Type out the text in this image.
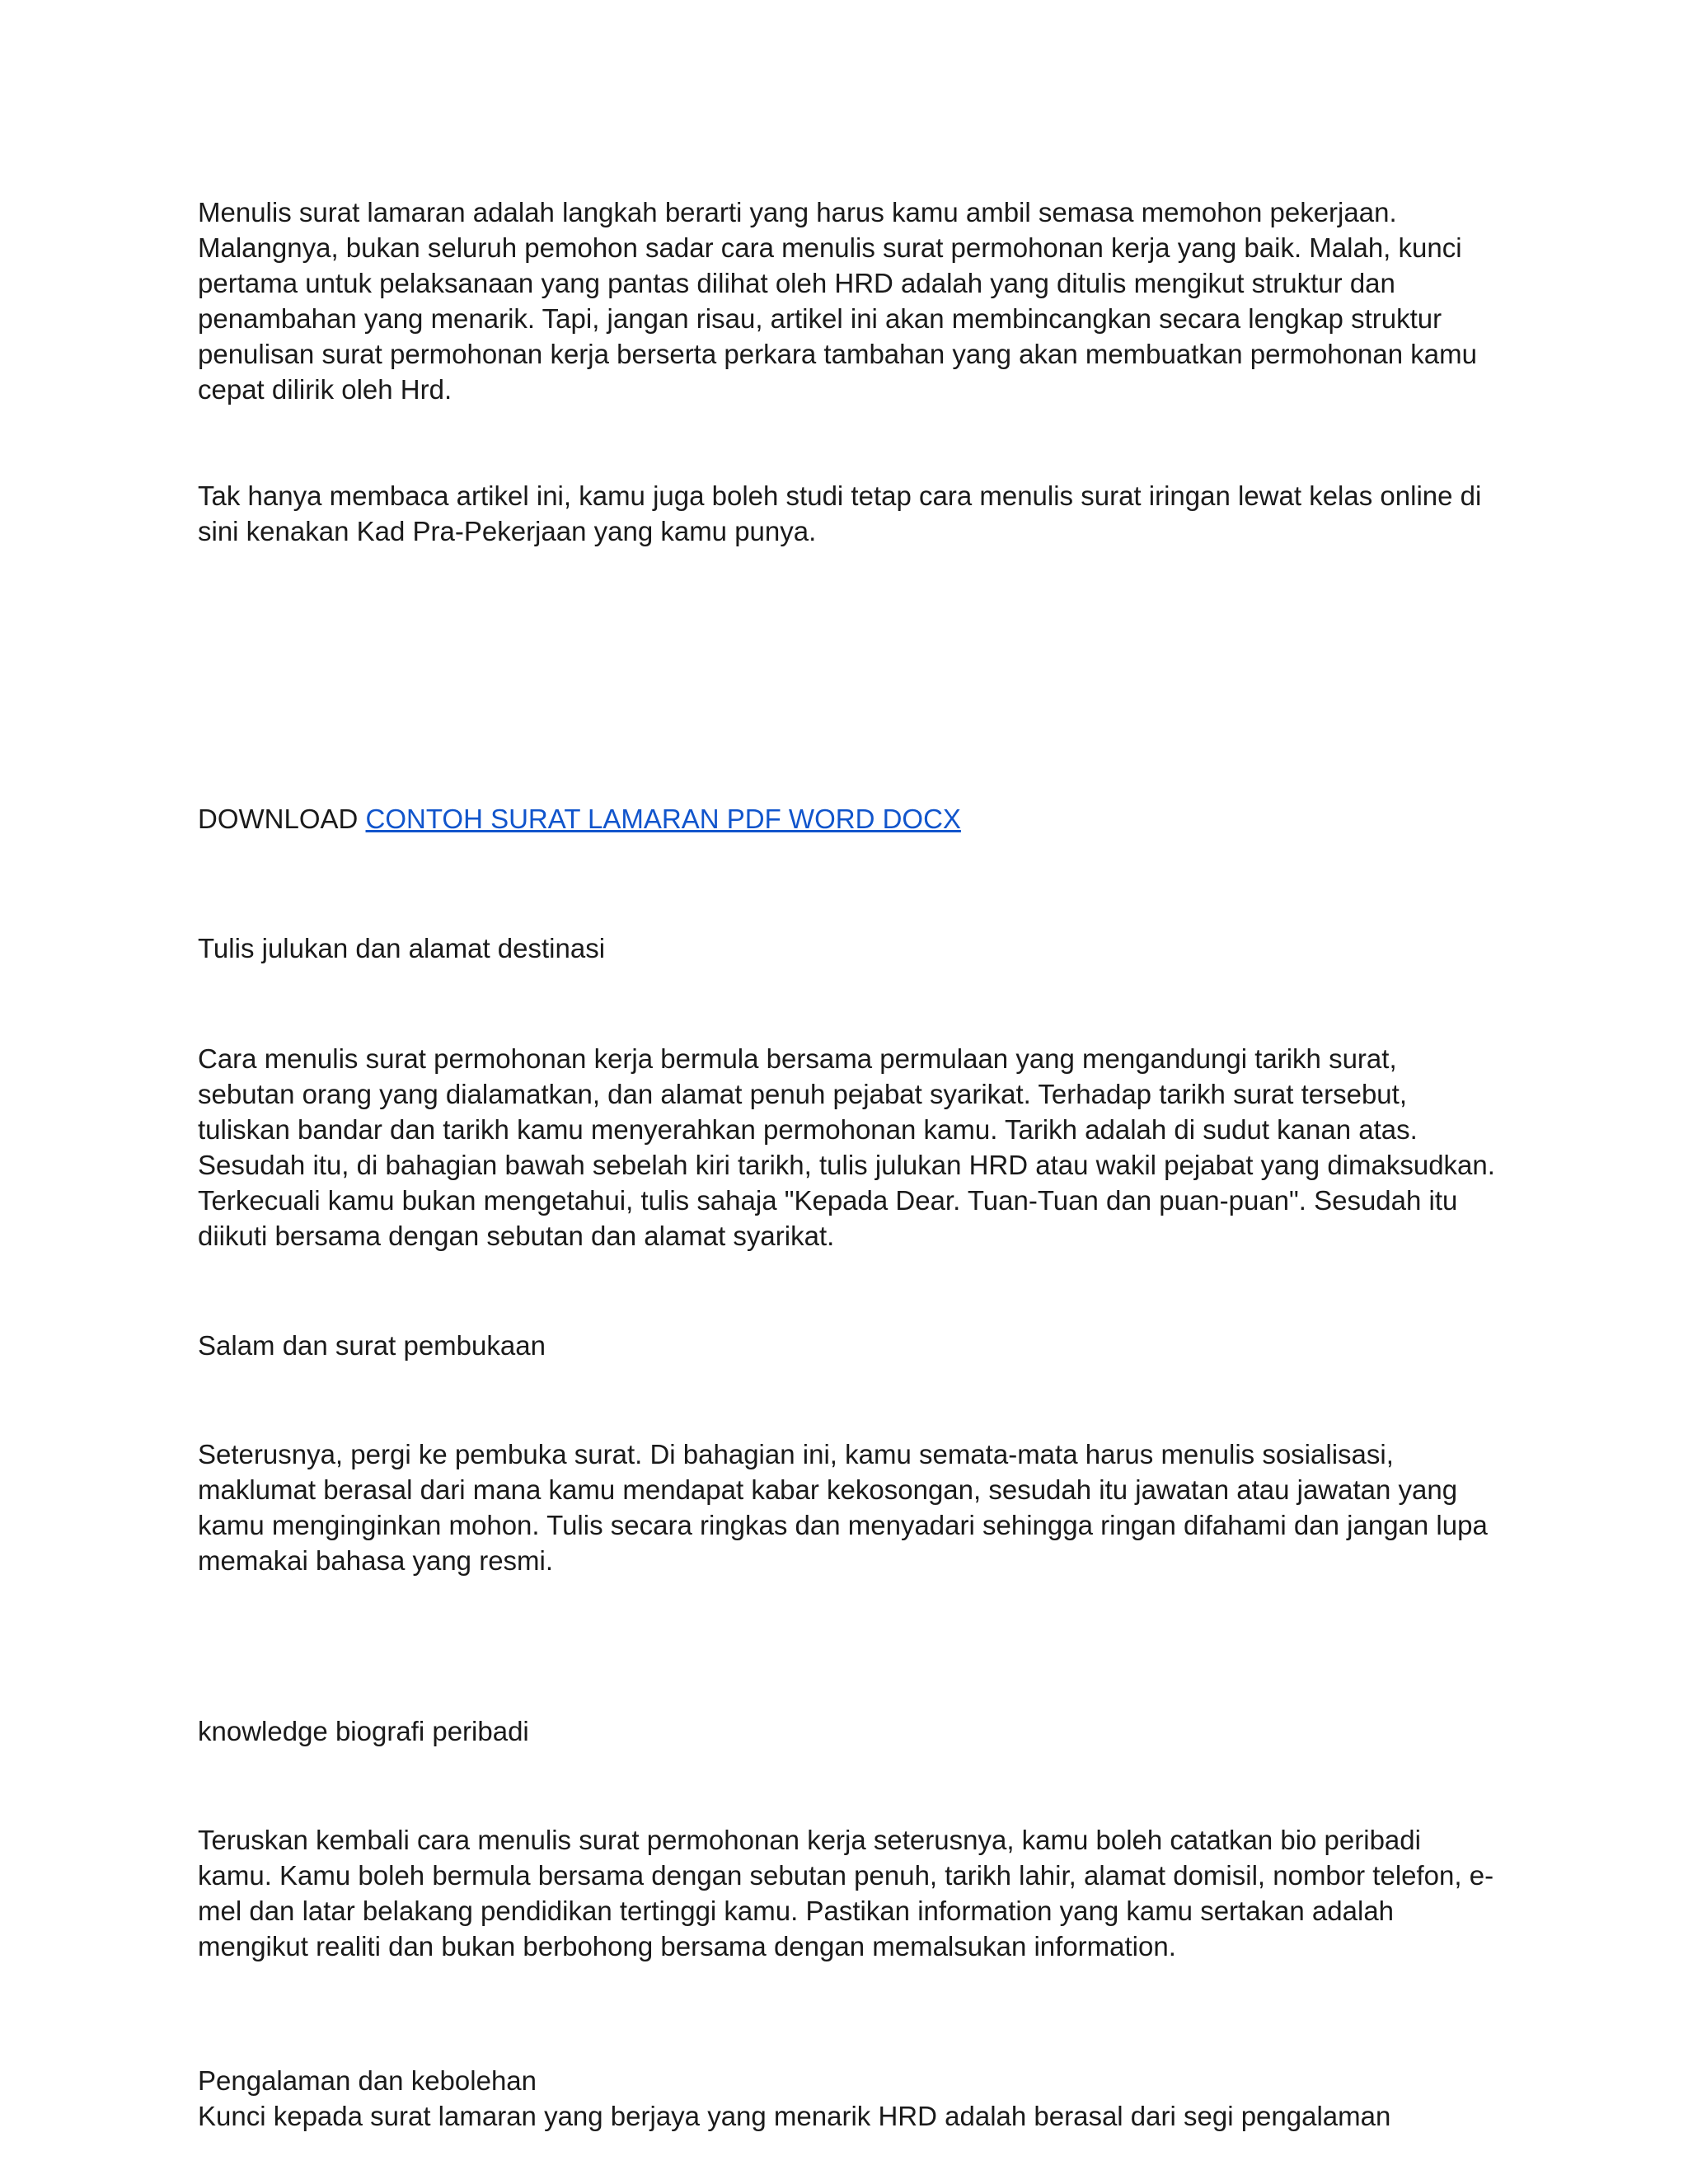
Menulis surat lamaran adalah langkah berarti yang harus kamu ambil semasa memohon pekerjaan. Malangnya, bukan seluruh pemohon sadar cara menulis surat permohonan kerja yang baik. Malah, kunci pertama untuk pelaksanaan yang pantas dilihat oleh HRD adalah yang ditulis mengikut struktur dan penambahan yang menarik. Tapi, jangan risau, artikel ini akan membincangkan secara lengkap struktur penulisan surat permohonan kerja berserta perkara tambahan yang akan membuatkan permohonan kamu cepat dilirik oleh Hrd.

Tak hanya membaca artikel ini, kamu juga boleh studi tetap cara menulis surat iringan lewat kelas online di sini kenakan Kad Pra-Pekerjaan yang kamu punya.

DOWNLOAD CONTOH SURAT LAMARAN PDF WORD DOCX

Tulis julukan dan alamat destinasi

Cara menulis surat permohonan kerja bermula bersama permulaan yang mengandungi tarikh surat, sebutan orang yang dialamatkan, dan alamat penuh pejabat syarikat. Terhadap tarikh surat tersebut, tuliskan bandar dan tarikh kamu menyerahkan permohonan kamu. Tarikh adalah di sudut kanan atas. Sesudah itu, di bahagian bawah sebelah kiri tarikh, tulis julukan HRD atau wakil pejabat yang dimaksudkan. Terkecuali kamu bukan mengetahui, tulis sahaja "Kepada Dear. Tuan-Tuan dan puan-puan". Sesudah itu diikuti bersama dengan sebutan dan alamat syarikat.

Salam dan surat pembukaan

Seterusnya, pergi ke pembuka surat. Di bahagian ini, kamu semata-mata harus menulis sosialisasi, maklumat berasal dari mana kamu mendapat kabar kekosongan, sesudah itu jawatan atau jawatan yang kamu menginginkan mohon. Tulis secara ringkas dan menyadari sehingga ringan difahami dan jangan lupa memakai bahasa yang resmi.

knowledge biografi peribadi

Teruskan kembali cara menulis surat permohonan kerja seterusnya, kamu boleh catatkan bio peribadi kamu. Kamu boleh bermula bersama dengan sebutan penuh, tarikh lahir, alamat domisil, nombor telefon, e-mel dan latar belakang pendidikan tertinggi kamu. Pastikan information yang kamu sertakan adalah mengikut realiti dan bukan berbohong bersama dengan memalsukan information.

Pengalaman dan kebolehan

Kunci kepada surat lamaran yang berjaya yang menarik HRD adalah berasal dari segi pengalaman
